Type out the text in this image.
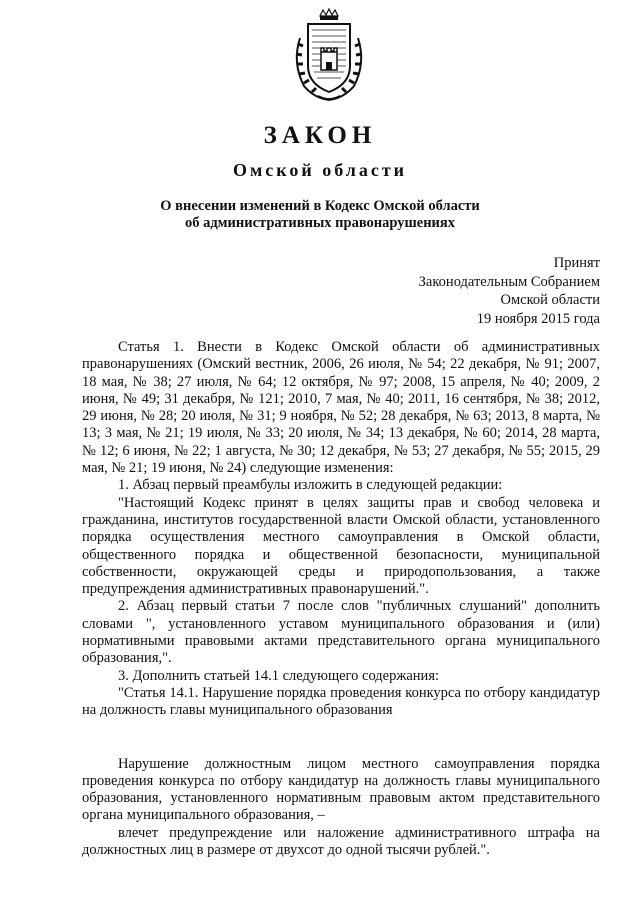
ЗАКОН
Омской области
О внесении изменений в Кодекс Омской области
об административных правонарушениях
Принят
Законодательным Собранием
Омской области
19 ноября 2015 года

Статья 1. Внести в Кодекс Омской области об административных правонарушениях (Омский вестник, 2006, 26 июля, № 54; 22 декабря, № 91; 2007, 18 мая, № 38; 27 июля, № 64; 12 октября, № 97; 2008, 15 апреля, № 40; 2009, 2 июня, № 49; 31 декабря, № 121; 2010, 7 мая, № 40; 2011, 16 сентября, № 38; 2012, 29 июня, № 28; 20 июля, № 31; 9 ноября, № 52; 28 декабря, № 63; 2013, 8 марта, № 13; 3 мая, № 21; 19 июля, № 33; 20 июля, № 34; 13 декабря, № 60; 2014, 28 марта, № 12; 6 июня, № 22; 1 августа, № 30; 12 декабря, № 53; 27 декабря, № 55; 2015, 29 мая, № 21; 19 июня, № 24) следующие изменения:

1. Абзац первый преамбулы изложить в следующей редакции:

"Настоящий Кодекс принят в целях защиты прав и свобод человека и гражданина, институтов государственной власти Омской области, установленного порядка осуществления местного самоуправления в Омской области, общественного порядка и общественной безопасности, муниципальной собственности, окружающей среды и природопользования, а также предупреждения административных правонарушений.".

2. Абзац первый статьи 7 после слов "публичных слушаний" дополнить словами ", установленного уставом муниципального образования и (или) нормативными правовыми актами представительного органа муниципального образования,".

3. Дополнить статьей 14.1 следующего содержания:

"Статья 14.1. Нарушение порядка проведения конкурса по отбору кандидатур на должность главы муниципального образования

Нарушение должностным лицом местного самоуправления порядка проведения конкурса по отбору кандидатур на должность главы муниципального образования, установленного нормативным правовым актом представительного органа муниципального образования, –

влечет предупреждение или наложение административного штрафа на должностных лиц в размере от двухсот до одной тысячи рублей.".
